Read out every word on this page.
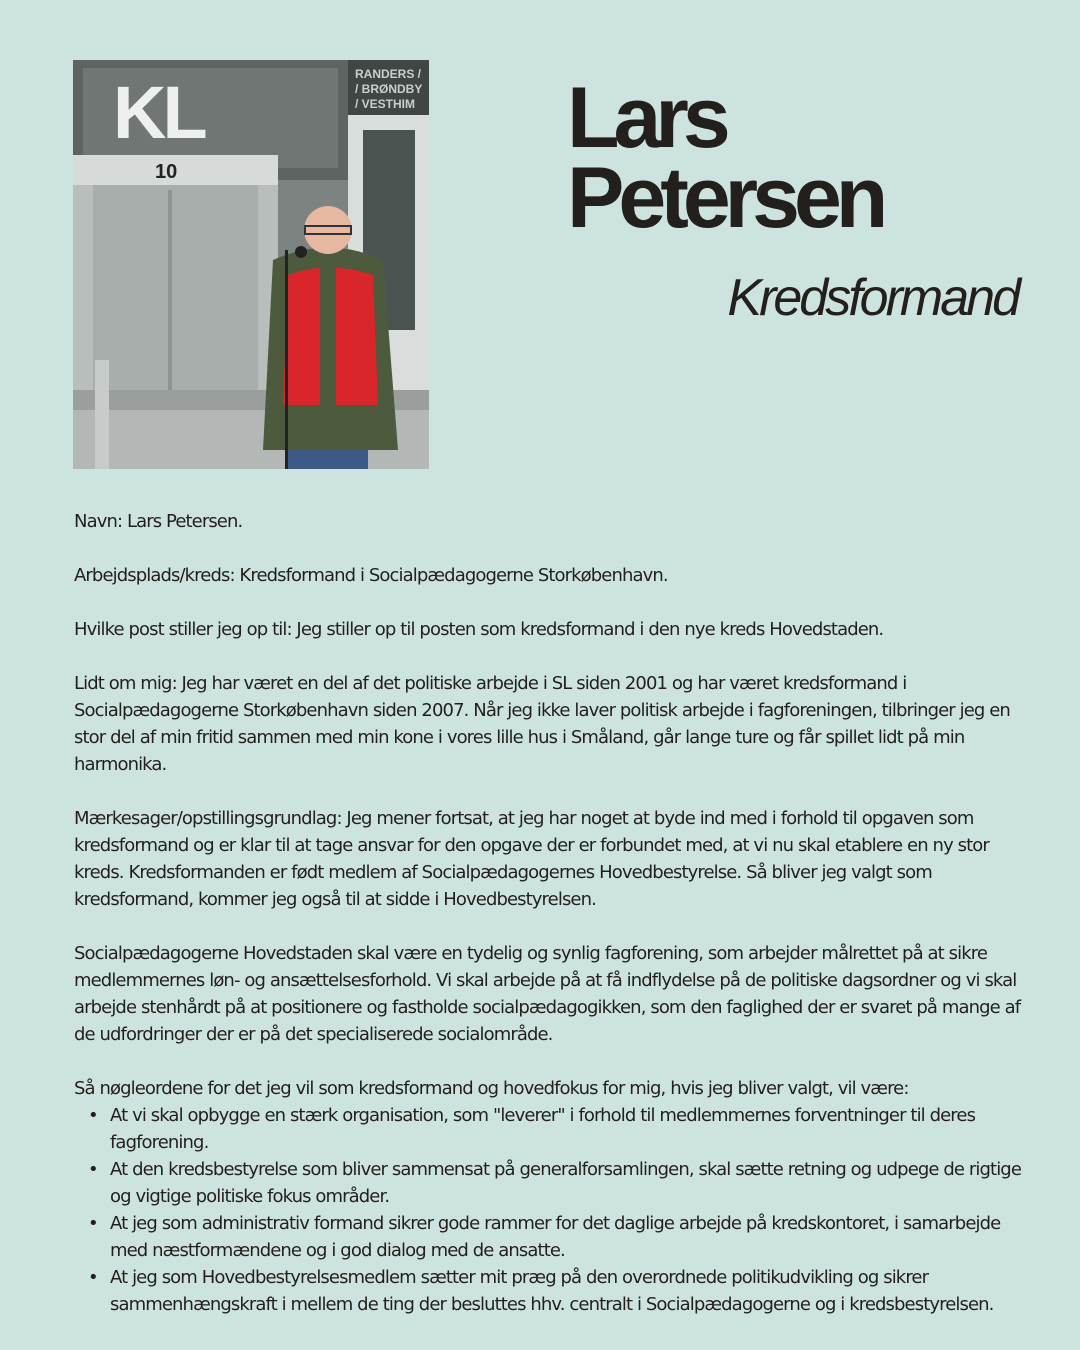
RANDERS /
/ BRØNDBY
/ VESTHIM
KL
10
Lars
Petersen
Kredsformand

Navn: Lars Petersen.

Arbejdsplads/kreds: Kredsformand i Socialpædagogerne Storkøbenhavn.

Hvilke post stiller jeg op til: Jeg stiller op til posten som kredsformand i den nye kreds Hovedstaden.

Lidt om mig: Jeg har været en del af det politiske arbejde i SL siden 2001 og har været kredsformand i Socialpædagogerne Storkøbenhavn siden 2007. Når jeg ikke laver politisk arbejde i fagforeningen, tilbringer jeg en stor del af min fritid sammen med min kone i vores lille hus i Småland, går lange ture og får spillet lidt på min harmonika.

Mærkesager/opstillingsgrundlag: Jeg mener fortsat, at jeg har noget at byde ind med i forhold til opgaven som kredsformand og er klar til at tage ansvar for den opgave der er forbundet med, at vi nu skal etablere en ny stor kreds. Kredsformanden er født medlem af Socialpædagogernes Hovedbestyrelse. Så bliver jeg valgt som kredsformand, kommer jeg også til at sidde i Hovedbestyrelsen.

Socialpædagogerne Hovedstaden skal være en tydelig og synlig fagforening, som arbejder målrettet på at sikre medlemmernes løn- og ansættelsesforhold. Vi skal arbejde på at få indflydelse på de politiske dagsordner og vi skal arbejde stenhårdt på at positionere og fastholde socialpædagogikken, som den faglighed der er svaret på mange af de udfordringer der er på det specialiserede socialområde.

Så nøgleordene for det jeg vil som kredsformand og hovedfokus for mig, hvis jeg bliver valgt, vil være:

• At vi skal opbygge en stærk organisation, som "leverer" i forhold til medlemmernes forventninger til deres fagforening.
• At den kredsbestyrelse som bliver sammensat på generalforsamlingen, skal sætte retning og udpege de rigtige og vigtige politiske fokus områder.
• At jeg som administrativ formand sikrer gode rammer for det daglige arbejde på kredskontoret, i samarbejde med næstformændene og i god dialog med de ansatte.
• At jeg som Hovedbestyrelsesmedlem sætter mit præg på den overordnede politikudvikling og sikrer sammenhængskraft i mellem de ting der besluttes hhv. centralt i Socialpædagogerne og i kredsbestyrelsen.
